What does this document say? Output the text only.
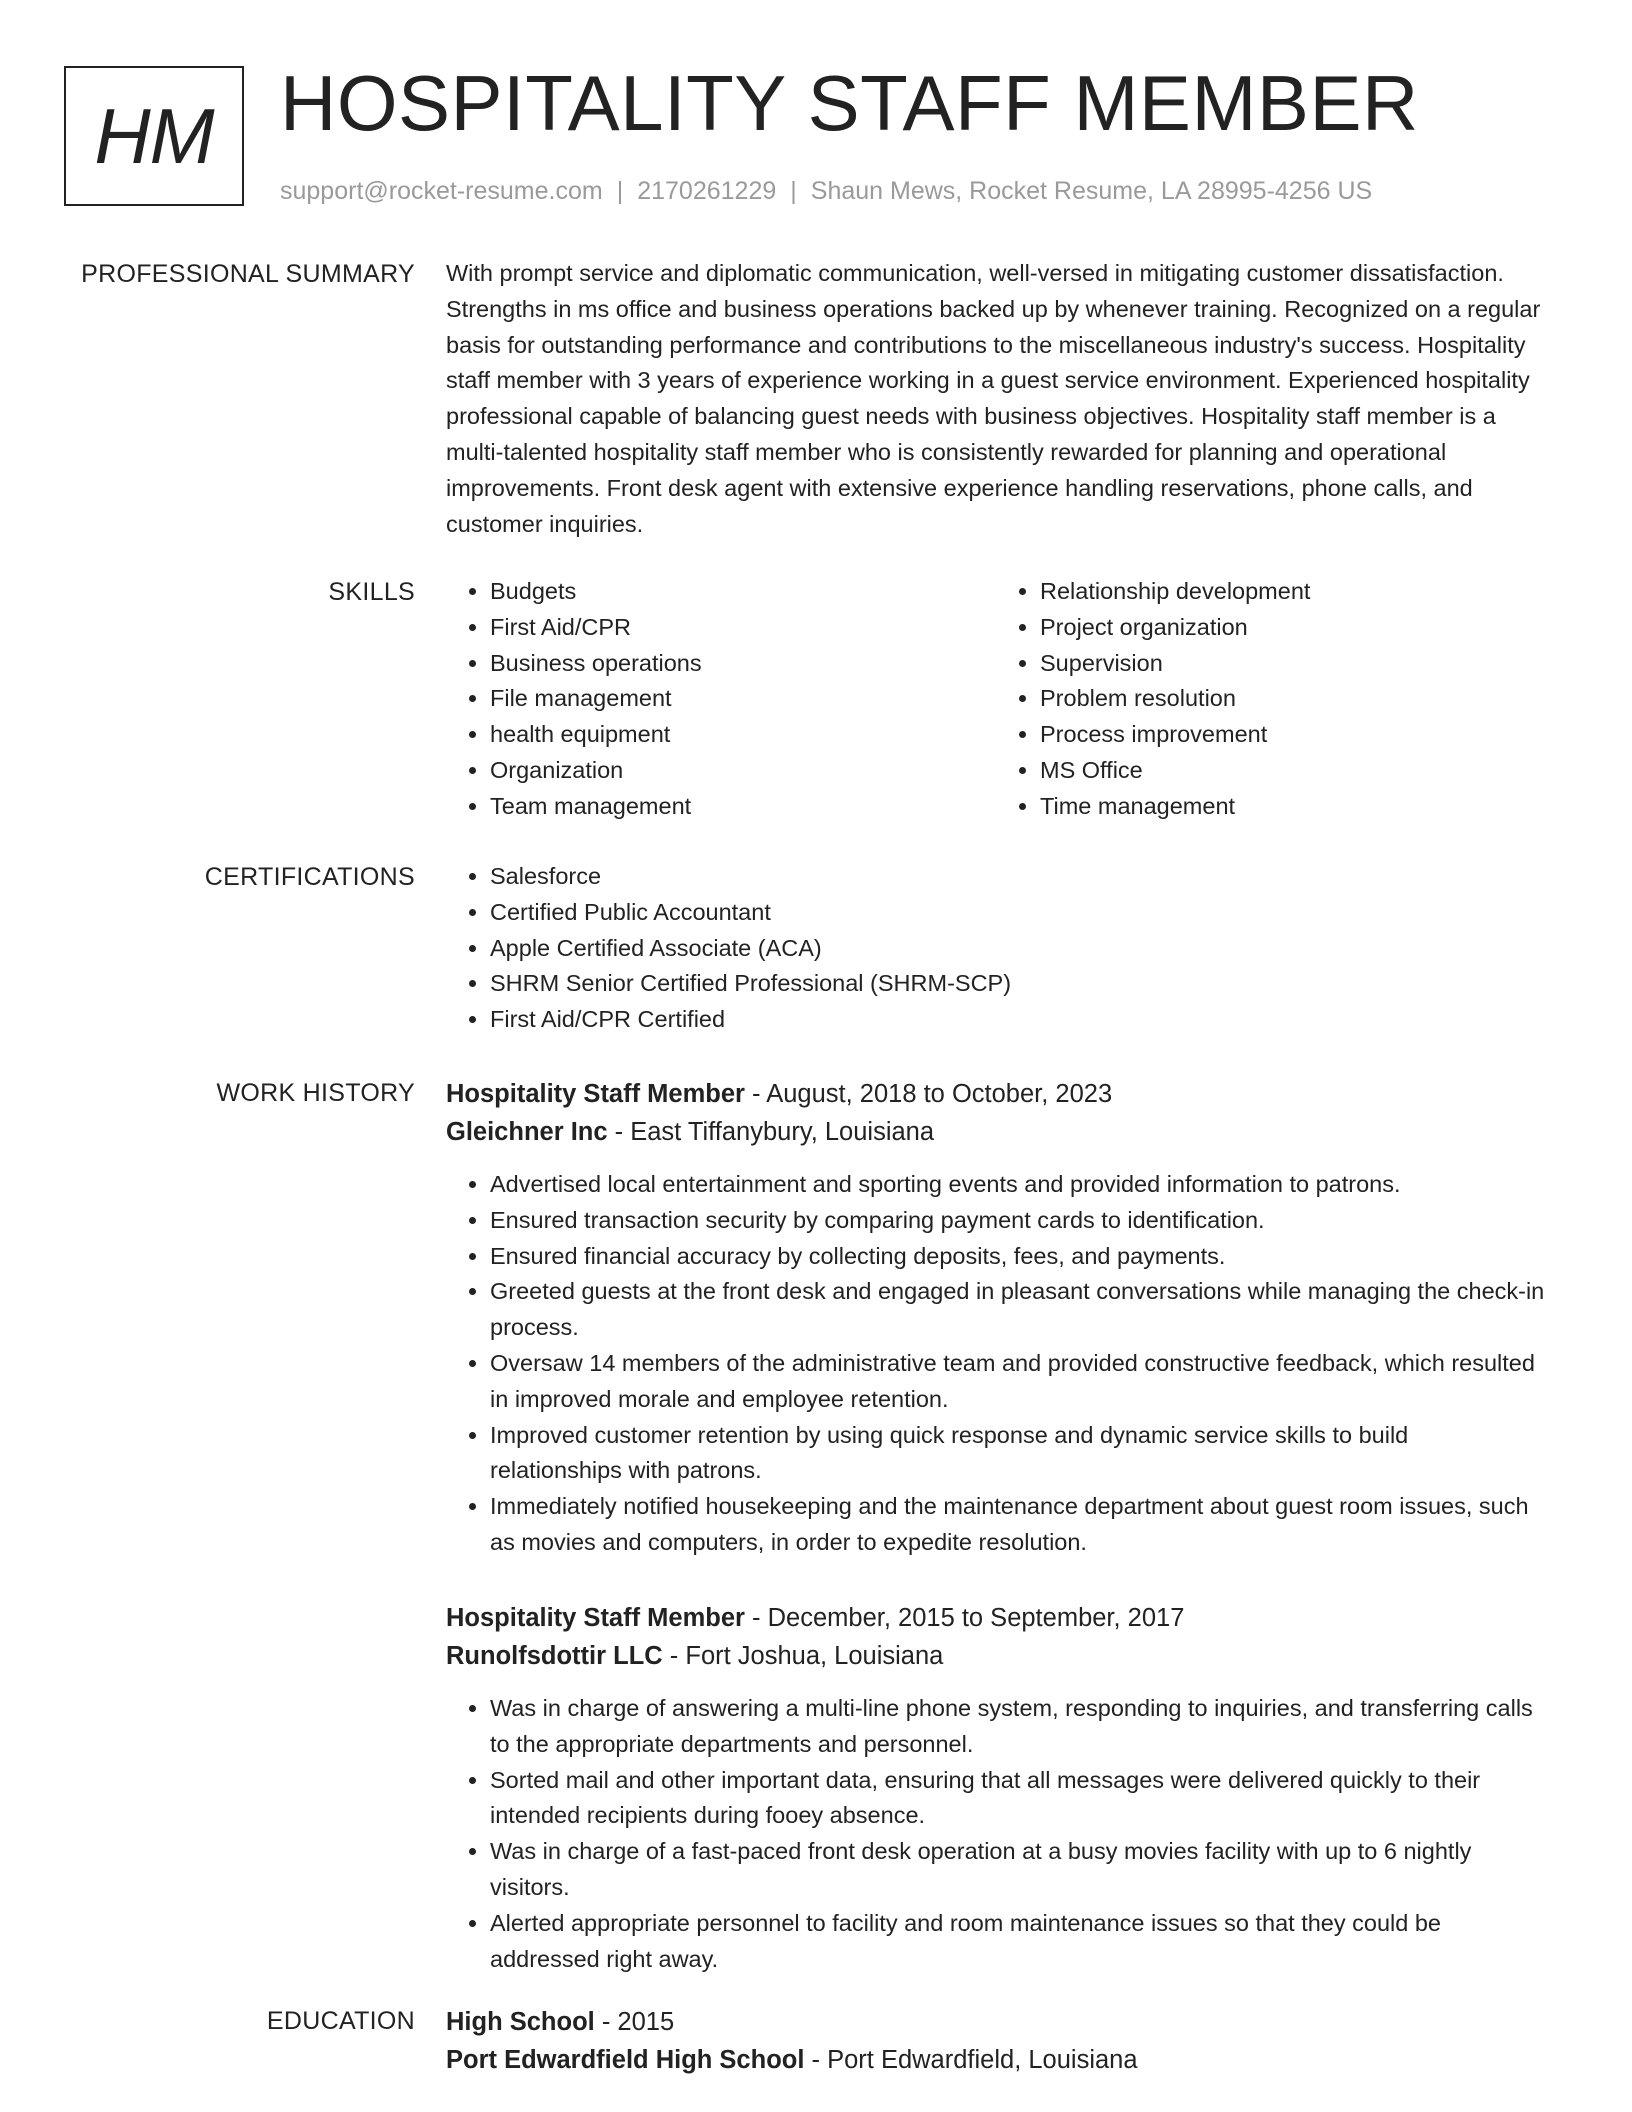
HM HOSPITALITY STAFF MEMBER
support@rocket-resume.com | 2170261229 | Shaun Mews, Rocket Resume, LA 28995-4256 US
PROFESSIONAL SUMMARY With prompt service and diplomatic communication, well-versed in mitigating customer dissatisfaction. Strengths in ms office and business operations backed up by whenever training. Recognized on a regular basis for outstanding performance and contributions to the miscellaneous industry's success. Hospitality staff member with 3 years of experience working in a guest service environment. Experienced hospitality professional capable of balancing guest needs with business objectives. Hospitality staff member is a multi-talented hospitality staff member who is consistently rewarded for planning and operational improvements. Front desk agent with extensive experience handling reservations, phone calls, and customer inquiries.
SKILLS	• Budgets
• First Aid/CPR
• Business operations
• File management
• health equipment
• Organization
• Team management
• Relationship development
• Project organization
• Supervision
• Problem resolution
• Process improvement
• MS Office
• Time management
CERTIFICATIONS	• Salesforce
• Certified Public Accountant
• Apple Certified Associate (ACA)
• SHRM Senior Certified Professional (SHRM-SCP)
• First Aid/CPR Certified
WORK HISTORY Hospitality Staff Member - August, 2018 to October, 2023
Gleichner Inc - East Tiffanybury, Louisiana
• Advertised local entertainment and sporting events and provided information to patrons.
• Ensured transaction security by comparing payment cards to identification.
• Ensured financial accuracy by collecting deposits, fees, and payments.
• Greeted guests at the front desk and engaged in pleasant conversations while managing the check-in process.
• Oversaw 14 members of the administrative team and provided constructive feedback, which resulted in improved morale and employee retention.
• Improved customer retention by using quick response and dynamic service skills to build relationships with patrons.
• Immediately notified housekeeping and the maintenance department about guest room issues, such as movies and computers, in order to expedite resolution.
Hospitality Staff Member - December, 2015 to September, 2017
Runolfsdottir LLC - Fort Joshua, Louisiana
• Was in charge of answering a multi-line phone system, responding to inquiries, and transferring calls to the appropriate departments and personnel.
• Sorted mail and other important data, ensuring that all messages were delivered quickly to their intended recipients during fooey absence.
• Was in charge of a fast-paced front desk operation at a busy movies facility with up to 6 nightly visitors.
• Alerted appropriate personnel to facility and room maintenance issues so that they could be addressed right away.
EDUCATION High School - 2015
Port Edwardfield High School - Port Edwardfield, Louisiana
